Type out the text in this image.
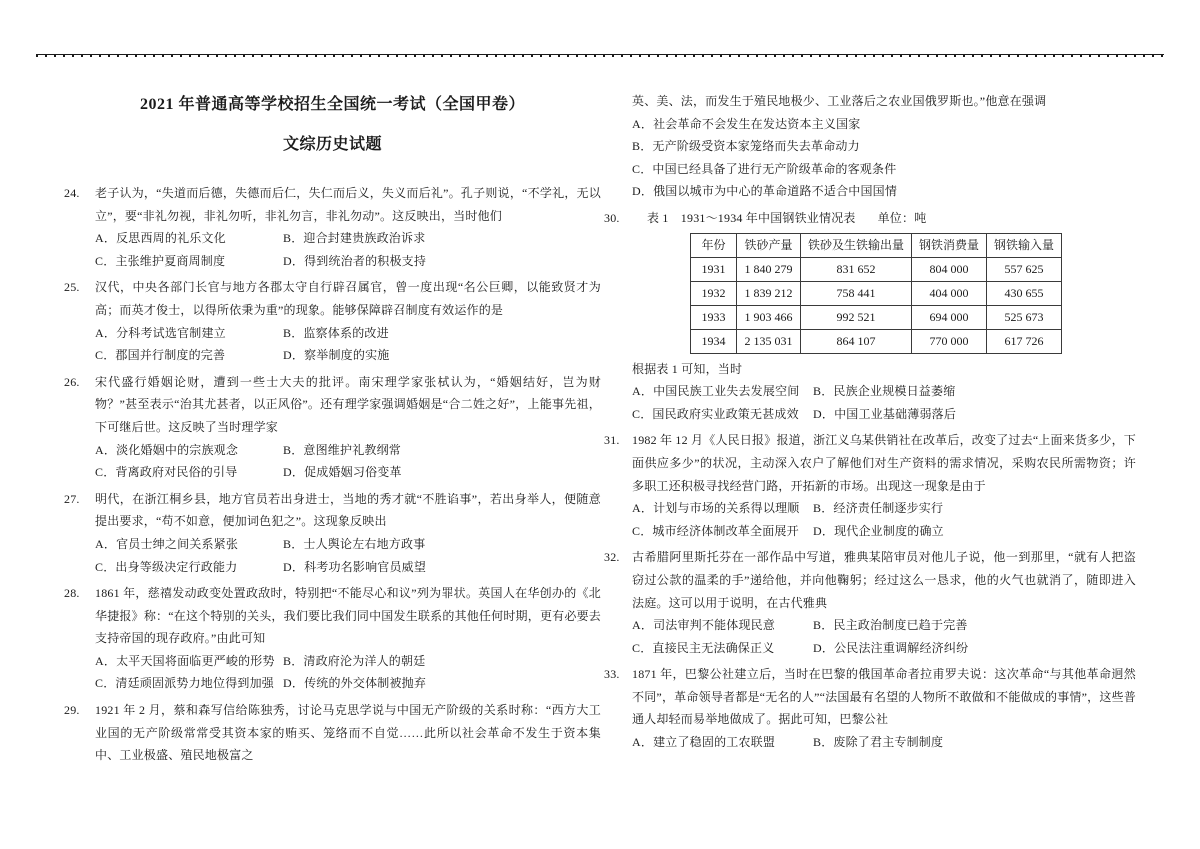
2021 年普通高等学校招生全国统一考试（全国甲卷）
文综历史试题
24. 老子认为，“失道而后德，失德而后仁，失仁而后义，失义而后礼”。孔子则说，“不学礼，无以立”，要“非礼勿视，非礼勿听，非礼勿言，非礼勿动”。这反映出，当时他们
A．反思西周的礼乐文化	B．迎合封建贵族政治诉求
C．主张维护夏商周制度	D．得到统治者的积极支持
25. 汉代，中央各部门长官与地方各郡太守自行辟召属官，曾一度出现“名公巨卿，以能致贤才为高；而英才俊士，以得所依秉为重”的现象。能够保障辟召制度有效运作的是
A．分科考试选官制建立	B．监察体系的改进
C．郡国并行制度的完善	D．察举制度的实施
26. 宋代盛行婚姻论财，遭到一些士大夫的批评。南宋理学家张栻认为，“婚姻结好，岂为财物？”甚至表示“治其尤甚者，以正风俗”。还有理学家强调婚姻是“合二姓之好”，上能事先祖，下可继后世。这反映了当时理学家
A．淡化婚姻中的宗族观念	B．意图维护礼教纲常
C．背离政府对民俗的引导	D．促成婚姻习俗变革
27. 明代，在浙江桐乡县，地方官员若出身进士，当地的秀才就“不胜谄事”，若出身举人，便随意提出要求，“苟不如意，便加词色犯之”。这现象反映出
A．官员士绅之间关系紧张	B．士人舆论左右地方政事
C．出身等级决定行政能力	D．科考功名影响官员威望
28. 1861 年，慈禧发动政变处置政敌时，特别把“不能尽心和议”列为罪状。英国人在华创办的《北华捷报》称：“在这个特别的关头，我们要比我们同中国发生联系的其他任何时期，更有必要去支持帝国的现存政府。”由此可知
A．太平天国将面临更严峻的形势 B．清政府沦为洋人的朝廷
C．清廷顽固派势力地位得到加强 D．传统的外交体制被抛弃
29. 1921 年 2 月，蔡和森写信给陈独秀，讨论马克思学说与中国无产阶级的关系时称：“西方大工业国的无产阶级常常受其资本家的贿买、笼络而不自觉……此所以社会革命不发生于资本集中、工业极盛、殖民地极富之
英、美、法，而发生于殖民地极少、工业落后之农业国俄罗斯也。”他意在强调
A．社会革命不会发生在发达资本主义国家
B．无产阶级受资本家笼络而失去革命动力
C．中国已经具备了进行无产阶级革命的客观条件
D．俄国以城市为中心的革命道路不适合中国国情
30. 表 1　1931～1934 年中国钢铁业情况表 单位：吨
年份	铁砂产量	铁砂及生铁输出量	钢铁消费量	钢铁输入量
1931	1 840 279	831 652	804 000	557 625
1932	1 839 212	758 441	404 000	430 655
1933	1 903 466	992 521	694 000	525 673
1934	2 135 031	864 107	770 000	617 726
根据表 1 可知，当时
A．中国民族工业失去发展空间	B．民族企业规模日益萎缩
C．国民政府实业政策无甚成效	D．中国工业基础薄弱落后
31. 1982 年 12 月《人民日报》报道，浙江义乌某供销社在改革后，改变了过去“上面来货多少，下面供应多少”的状况，主动深入农户了解他们对生产资料的需求情况，采购农民所需物资；许多职工还积极寻找经营门路，开拓新的市场。出现这一现象是由于
A．计划与市场的关系得以理顺	B．经济责任制逐步实行
C．城市经济体制改革全面展开	D．现代企业制度的确立
32. 古希腊阿里斯托芬在一部作品中写道，雅典某陪审员对他儿子说，他一到那里，“就有人把盗窃过公款的温柔的手”递给他，并向他鞠躬；经过这么一恳求，他的火气也就消了，随即进入法庭。这可以用于说明，在古代雅典
A．司法审判不能体现民意	B．民主政治制度已趋于完善
C．直接民主无法确保正义	D．公民法注重调解经济纠纷
33. 1871 年，巴黎公社建立后，当时在巴黎的俄国革命者拉甫罗夫说：这次革命“与其他革命迥然不同”，革命领导者都是“无名的人”“法国最有名望的人物所不敢做和不能做成的事情”，这些普通人却轻而易举地做成了。据此可知，巴黎公社
A．建立了稳固的工农联盟	B．废除了君主专制制度
